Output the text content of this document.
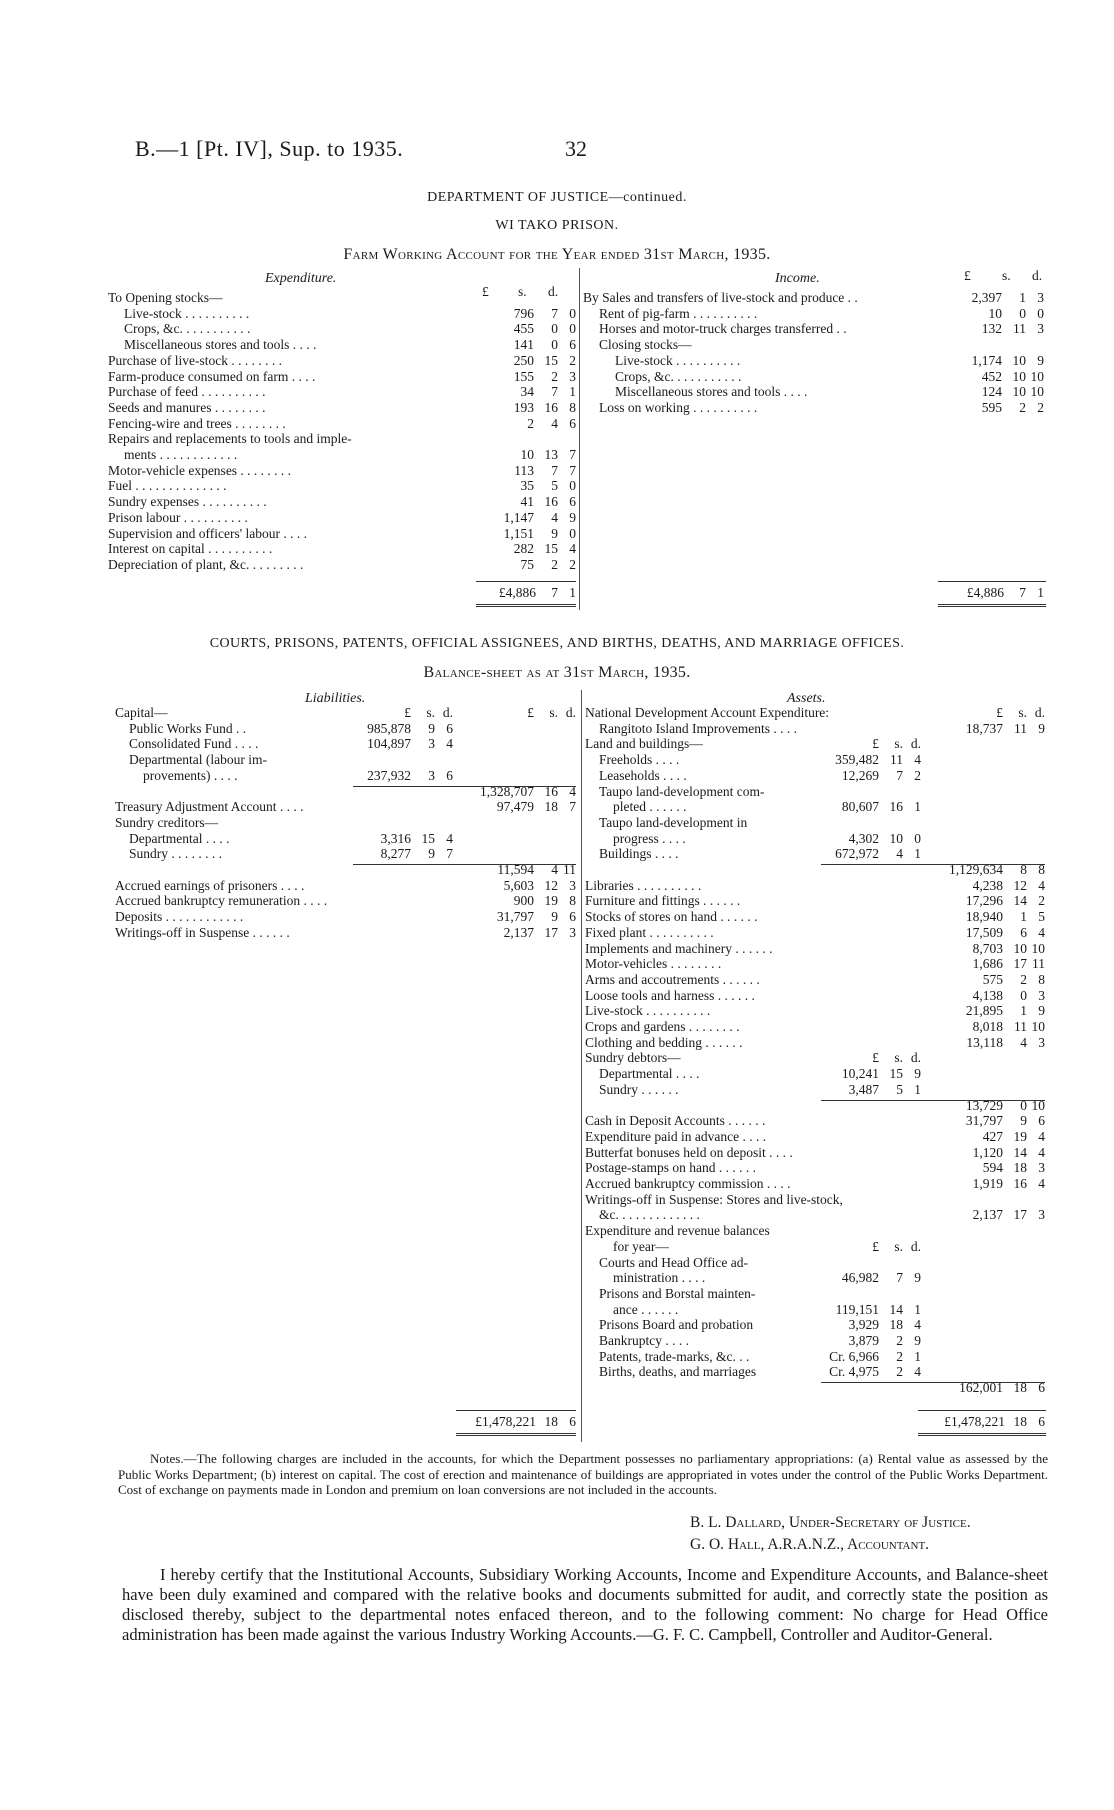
B.—1 [Pt. IV], Sup. to 1935.	32
DEPARTMENT OF JUSTICE—continued.
WI TAKO PRISON.
Farm Working Account for the Year ended 31st March, 1935.
Expenditure.	Income.
£ s. d.
£ s. d.
To Opening stocks—
Live-stock . . . . . . . . . .	796 7 0
Crops, &c. . . . . . . . . . .	455 0 0
Miscellaneous stores and tools . . . .	141 0 6
Purchase of live-stock . . . . . . . .	250 15 2
Farm-produce consumed on farm . . . .	155 2 3
Purchase of feed . . . . . . . . . .	34 7 1
Seeds and manures . . . . . . . .	193 16 8
Fencing-wire and trees . . . . . . . .	2 4 6
Repairs and replacements to tools and imple-
ments . . . . . . . . . . . .	10 13 7
Motor-vehicle expenses . . . . . . . .	113 7 7
Fuel . . . . . . . . . . . . . .	35 5 0
Sundry expenses . . . . . . . . . .	41 16 6
Prison labour . . . . . . . . . .	1,147 4 9
Supervision and officers' labour . . . .	1,151 9 0
Interest on capital . . . . . . . . . .	282 15 4
Depreciation of plant, &c. . . . . . . . .	75 2 2
By Sales and transfers of live-stock and produce . .	2,397 1 3
Rent of pig-farm . . . . . . . . . .	10 0 0
Horses and motor-truck charges transferred . .	132 11 3
Closing stocks—
Live-stock . . . . . . . . . .	1,174 10 9
Crops, &c. . . . . . . . . . .	452 10 10
Miscellaneous stores and tools . . . .	124 10 10
Loss on working . . . . . . . . . .	595 2 2
£4,886 7 1	£4,886 7 1
COURTS, PRISONS, PATENTS, OFFICIAL ASSIGNEES, AND BIRTHS, DEATHS, AND MARRIAGE OFFICES.
Balance-sheet as at 31st March, 1935.
Liabilities.	Assets.
Capital—	£ s. d.	£ s. d.
Public Works Fund . .	985,878 9 6
Consolidated Fund . . . .	104,897 3 4
Departmental (labour im-
provements) . . . .	237,932 3 6
1,328,707 16 4
Treasury Adjustment Account . . . .	97,479 18 7
Sundry creditors—
Departmental . . . .	3,316 15 4
Sundry . . . . . . . .	8,277 9 7
11,594 4 11
Accrued earnings of prisoners . . . .	5,603 12 3
Accrued bankruptcy remuneration . . . .	900 19 8
Deposits . . . . . . . . . . . .	31,797 9 6
Writings-off in Suspense . . . . . .	2,137 17 3
National Development Account Expenditure:	£ s. d.
Rangitoto Island Improvements . . . .	18,737 11 9
Land and buildings—	£ s. d.
Freeholds . . . .	359,482 11 4
Leaseholds . . . .	12,269 7 2
Taupo land-development com-
pleted . . . . . .	80,607 16 1
Taupo land-development in
progress . . . .	4,302 10 0
Buildings . . . .	672,972 4 1
1,129,634 8 8
Libraries . . . . . . . . . .	4,238 12 4
Furniture and fittings . . . . . .	17,296 14 2
Stocks of stores on hand . . . . . .	18,940 1 5
Fixed plant . . . . . . . . . .	17,509 6 4
Implements and machinery . . . . . .	8,703 10 10
Motor-vehicles . . . . . . . .	1,686 17 11
Arms and accoutrements . . . . . .	575 2 8
Loose tools and harness . . . . . .	4,138 0 3
Live-stock . . . . . . . . . .	21,895 1 9
Crops and gardens . . . . . . . .	8,018 11 10
Clothing and bedding . . . . . .	13,118 4 3
Sundry debtors—	£ s. d.
Departmental . . . .	10,241 15 9
Sundry . . . . . .	3,487 5 1
13,729 0 10
Cash in Deposit Accounts . . . . . .	31,797 9 6
Expenditure paid in advance . . . .	427 19 4
Butterfat bonuses held on deposit . . . .	1,120 14 4
Postage-stamps on hand . . . . . .	594 18 3
Accrued bankruptcy commission . . . .	1,919 16 4
Writings-off in Suspense: Stores and live-stock,
&c. . . . . . . . . . . . .	2,137 17 3
Expenditure and revenue balances
for year—	£ s. d.
Courts and Head Office ad-
ministration . . . .	46,982 7 9
Prisons and Borstal mainten-
ance . . . . . .	119,151 14 1
Prisons Board and probation	3,929 18 4
Bankruptcy . . . .	3,879 2 9
Patents, trade-marks, &c. . .	Cr. 6,966 2 1
Births, deaths, and marriages	Cr. 4,975 2 4
162,001 18 6
£1,478,221 18 6	£1,478,221 18 6
Notes.—The following charges are included in the accounts, for which the Department possesses no parliamentary appropriations: (a) Rental value as assessed by the Public Works Department; (b) interest on capital. The cost of erection and maintenance of buildings are appropriated in votes under the control of the Public Works Department. Cost of exchange on payments made in London and premium on loan conversions are not included in the accounts.
B. L. Dallard, Under-Secretary of Justice.
G. O. Hall, A.R.A.N.Z., Accountant.
I hereby certify that the Institutional Accounts, Subsidiary Working Accounts, Income and Expenditure Accounts, and Balance-sheet have been duly examined and compared with the relative books and documents submitted for audit, and correctly state the position as disclosed thereby, subject to the departmental notes enfaced thereon, and to the following comment: No charge for Head Office administration has been made against the various Industry Working Accounts.—G. F. C. Campbell, Controller and Auditor-General.
